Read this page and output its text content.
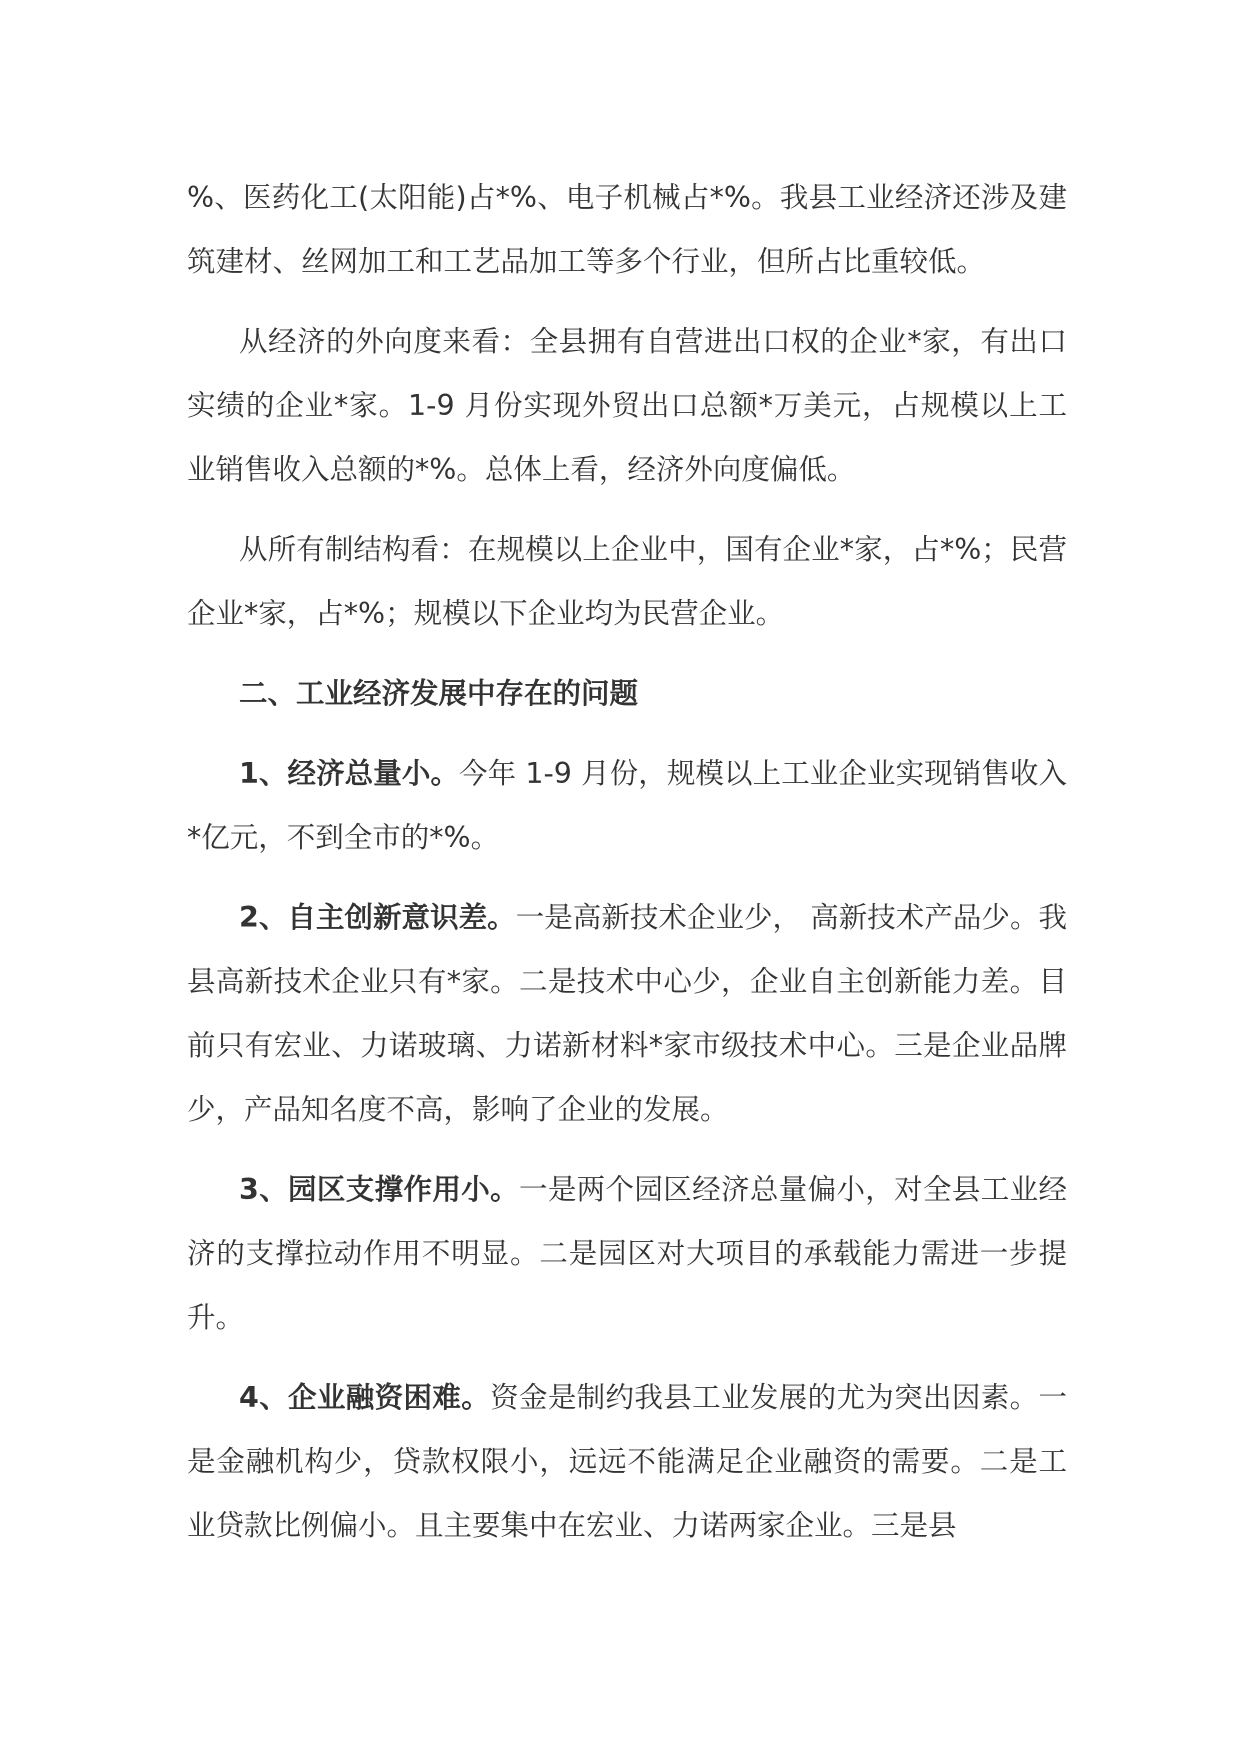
%、医药化工(太阳能)占*%、电子机械占*%。我县工业经济还涉及建筑建材、丝网加工和工艺品加工等多个行业，但所占比重较低。

从经济的外向度来看：全县拥有自营进出口权的企业*家，有出口实绩的企业*家。1-9 月份实现外贸出口总额*万美元，占规模以上工业销售收入总额的*%。总体上看，经济外向度偏低。

从所有制结构看：在规模以上企业中，国有企业*家，占*%；民营企业*家，占*%；规模以下企业均为民营企业。

二、工业经济发展中存在的问题

1、经济总量小。今年 1-9 月份，规模以上工业企业实现销售收入*亿元，不到全市的*%。

2、自主创新意识差。一是高新技术企业少， 高新技术产品少。我县高新技术企业只有*家。二是技术中心少，企业自主创新能力差。目前只有宏业、力诺玻璃、力诺新材料*家市级技术中心。三是企业品牌少，产品知名度不高，影响了企业的发展。

3、园区支撑作用小。一是两个园区经济总量偏小，对全县工业经济的支撑拉动作用不明显。二是园区对大项目的承载能力需进一步提升。

4、企业融资困难。资金是制约我县工业发展的尤为突出因素。一是金融机构少，贷款权限小，远远不能满足企业融资的需要。二是工业贷款比例偏小。且主要集中在宏业、力诺两家企业。三是县
